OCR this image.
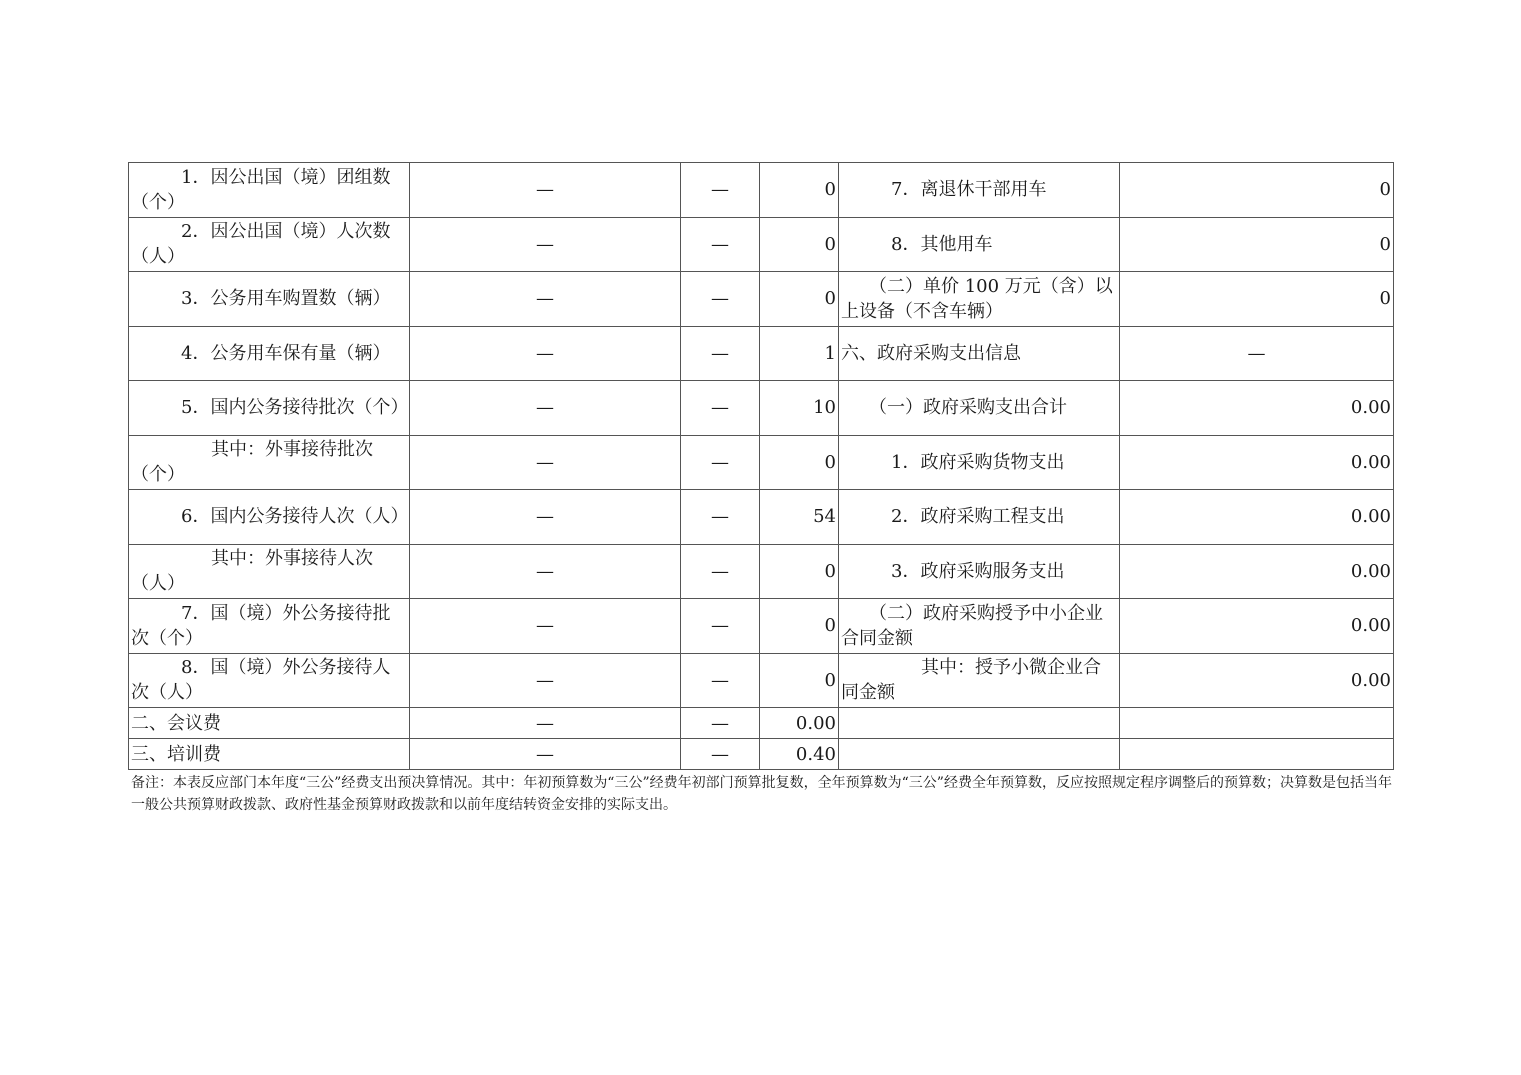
1．因公出国（境）团组数（个）	—	—	0	7．离退休干部用车	0

2．因公出国（境）人次数（人）	—	—	0	8．其他用车	0

3．公务用车购置数（辆）	—	—	0	（二）单价 100 万元（含）以上设备（不含车辆）	0

4．公务用车保有量（辆）	—	—	1	六、政府采购支出信息	—

5．国内公务接待批次（个）	—	—	10	（一）政府采购支出合计	0.00

其中：外事接待批次（个）	—	—	0	1．政府采购货物支出	0.00

6．国内公务接待人次（人）	—	—	54	2．政府采购工程支出	0.00

其中：外事接待人次（人）	—	—	0	3．政府采购服务支出	0.00

7．国（境）外公务接待批次（个）	—	—	0	（二）政府采购授予中小企业合同金额	0.00

8．国（境）外公务接待人次（人）	—	—	0	其中：授予小微企业合同金额	0.00

二、会议费	—	—	0.00	

三、培训费	—	—	0.40	

备注：本表反应部门本年度“三公”经费支出预决算情况。其中：年初预算数为“三公”经费年初部门预算批复数，全年预算数为“三公”经费全年预算数，反应按照规定程序调整后的预算数；决算数是包括当年一般公共预算财政拨款、政府性基金预算财政拨款和以前年度结转资金安排的实际支出。
